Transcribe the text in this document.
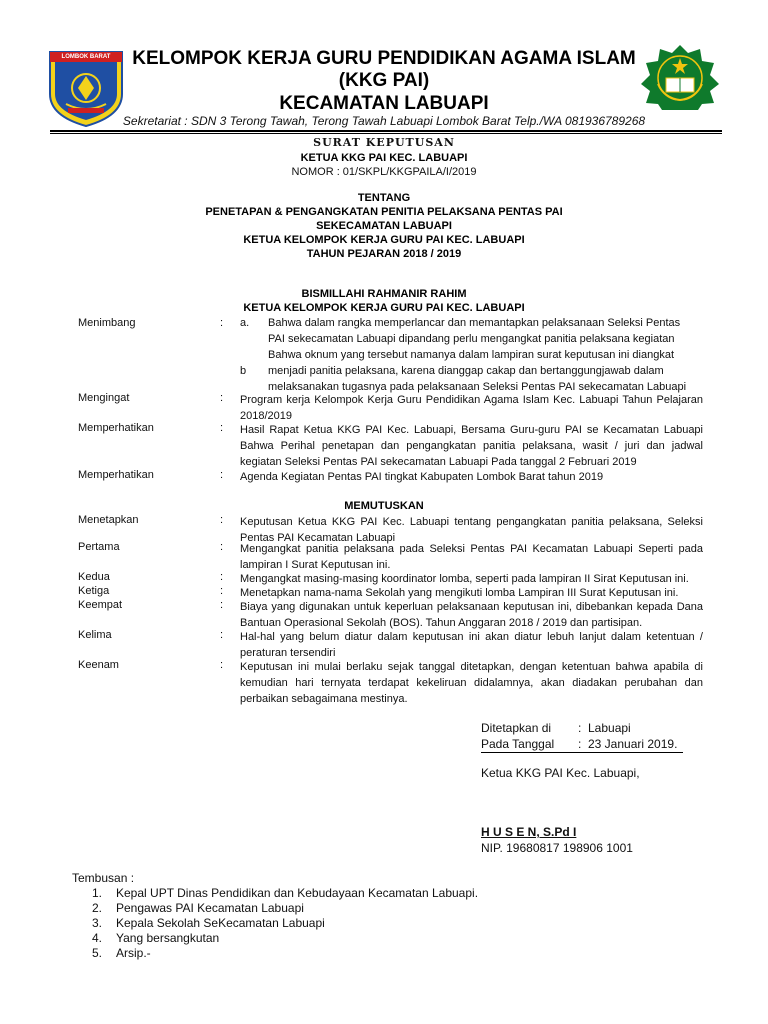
LOMBOK BARAT	KELOMPOK KERJA GURU PENDIDIKAN AGAMA ISLAM
(KKG PAI)
KECAMATAN LABUAPI
Sekretariat : SDN 3 Terong Tawah, Terong Tawah Labuapi Lombok Barat Telp./WA 081936789268
SURAT KEPUTUSAN
KETUA KKG PAI KEC. LABUAPI
NOMOR : 01/SKPL/KKGPAILA/I/2019
TENTANG
PENETAPAN & PENGANGKATAN PENITIA PELAKSANA PENTAS PAI
SEKECAMATAN LABUAPI
KETUA KELOMPOK KERJA GURU PAI KEC. LABUAPI
TAHUN PEJARAN 2018 / 2019
BISMILLAHI RAHMANIR RAHIM
KETUA KELOMPOK KERJA GURU PAI KEC. LABUAPI
Menimbang	: a. Bahwa dalam rangka memperlancar dan memantapkan pelaksanaan Seleksi Pentas
PAI sekecamatan Labuapi dipandang perlu mengangkat panitia pelaksana kegiatan
Bahwa oknum yang tersebut namanya dalam lampiran surat keputusan ini diangkat
b menjadi panitia pelaksana, karena dianggap cakap dan bertanggungjawab dalam
melaksanakan tugasnya pada pelaksanaan Seleksi Pentas PAI sekecamatan Labuapi
Mengingat	: Program kerja Kelompok Kerja Guru Pendidikan Agama Islam Kec. Labuapi Tahun Pelajaran 2018/2019
Memperhatikan	: Hasil Rapat Ketua KKG PAI Kec. Labuapi, Bersama Guru-guru PAI se Kecamatan Labuapi Bahwa Perihal penetapan dan pengangkatan panitia pelaksana, wasit / juri dan jadwal kegiatan Seleksi Pentas PAI sekecamatan Labuapi Pada tanggal 2 Februari 2019
Memperhatikan	: Agenda Kegiatan Pentas PAI tingkat Kabupaten Lombok Barat tahun 2019
MEMUTUSKAN
Menetapkan	: Keputusan Ketua KKG PAI Kec. Labuapi tentang pengangkatan panitia pelaksana, Seleksi Pentas PAI Kecamatan Labuapi
Pertama	: Mengangkat panitia pelaksana pada Seleksi Pentas PAI Kecamatan Labuapi Seperti pada lampiran I Surat Keputusan ini.
Kedua	: Mengangkat masing-masing koordinator lomba, seperti pada lampiran II Sirat Keputusan ini.
Ketiga	: Menetapkan nama-nama Sekolah yang mengikuti lomba Lampiran III Surat Keputusan ini.
Keempat	: Biaya yang digunakan untuk keperluan pelaksanaan keputusan ini, dibebankan kepada Dana Bantuan Operasional Sekolah (BOS). Tahun Anggaran 2018 / 2019 dan partisipan.
Kelima	: Hal-hal yang belum diatur dalam keputusan ini akan diatur lebuh lanjut dalam ketentuan / peraturan tersendiri
Keenam	: Keputusan ini mulai berlaku sejak tanggal ditetapkan, dengan ketentuan bahwa apabila di kemudian hari ternyata terdapat kekeliruan didalamnya, akan diadakan perubahan dan perbaikan sebagaimana mestinya.
Ditetapkan di : Labuapi
Pada Tanggal : 23 Januari 2019.
Ketua KKG PAI Kec. Labuapi,
H U S E N, S.Pd I
NIP. 19680817 198906 1001
Tembusan :
1. Kepal UPT Dinas Pendidikan dan Kebudayaan Kecamatan Labuapi.
2. Pengawas PAI Kecamatan Labuapi
3. Kepala Sekolah SeKecamatan Labuapi
4. Yang bersangkutan
5. Arsip.-
